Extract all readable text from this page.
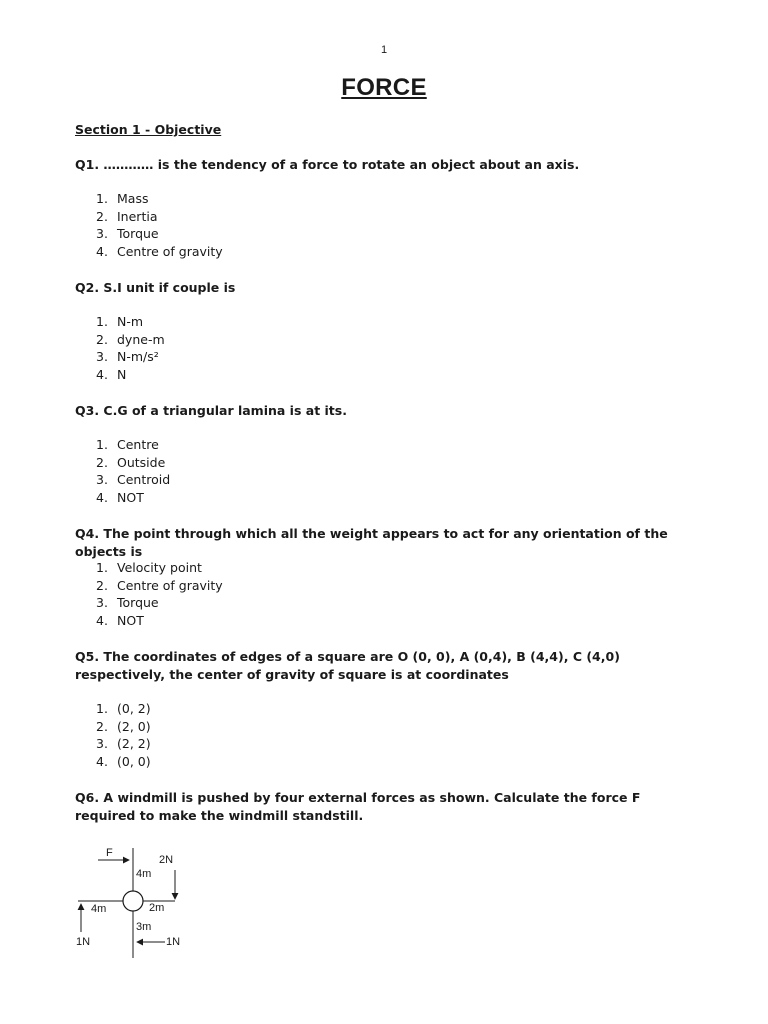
1
FORCE
Section 1 - Objective
Q1. ………… is the tendency of a force to rotate an object about an axis.
1. Mass
2. Inertia
3. Torque
4. Centre of gravity
Q2. S.I unit if couple is
1. N-m
2. dyne-m
3. N-m/s²
4. N
Q3. C.G of a triangular lamina is at its.
1. Centre
2. Outside
3. Centroid
4. NOT
Q4. The point through which all the weight appears to act for any orientation of the objects is
1. Velocity point
2. Centre of gravity
3. Torque
4. NOT
Q5. The coordinates of edges of a square are O (0, 0), A (0,4), B (4,4), C (4,0) respectively, the center of gravity of square is at coordinates
1. (0, 2)
2. (2, 0)
3. (2, 2)
4. (0, 0)
Q6. A windmill is pushed by four external forces as shown. Calculate the force F required to make the windmill standstill.
F
2N
4m
4m	2m
3m
1N	1N
